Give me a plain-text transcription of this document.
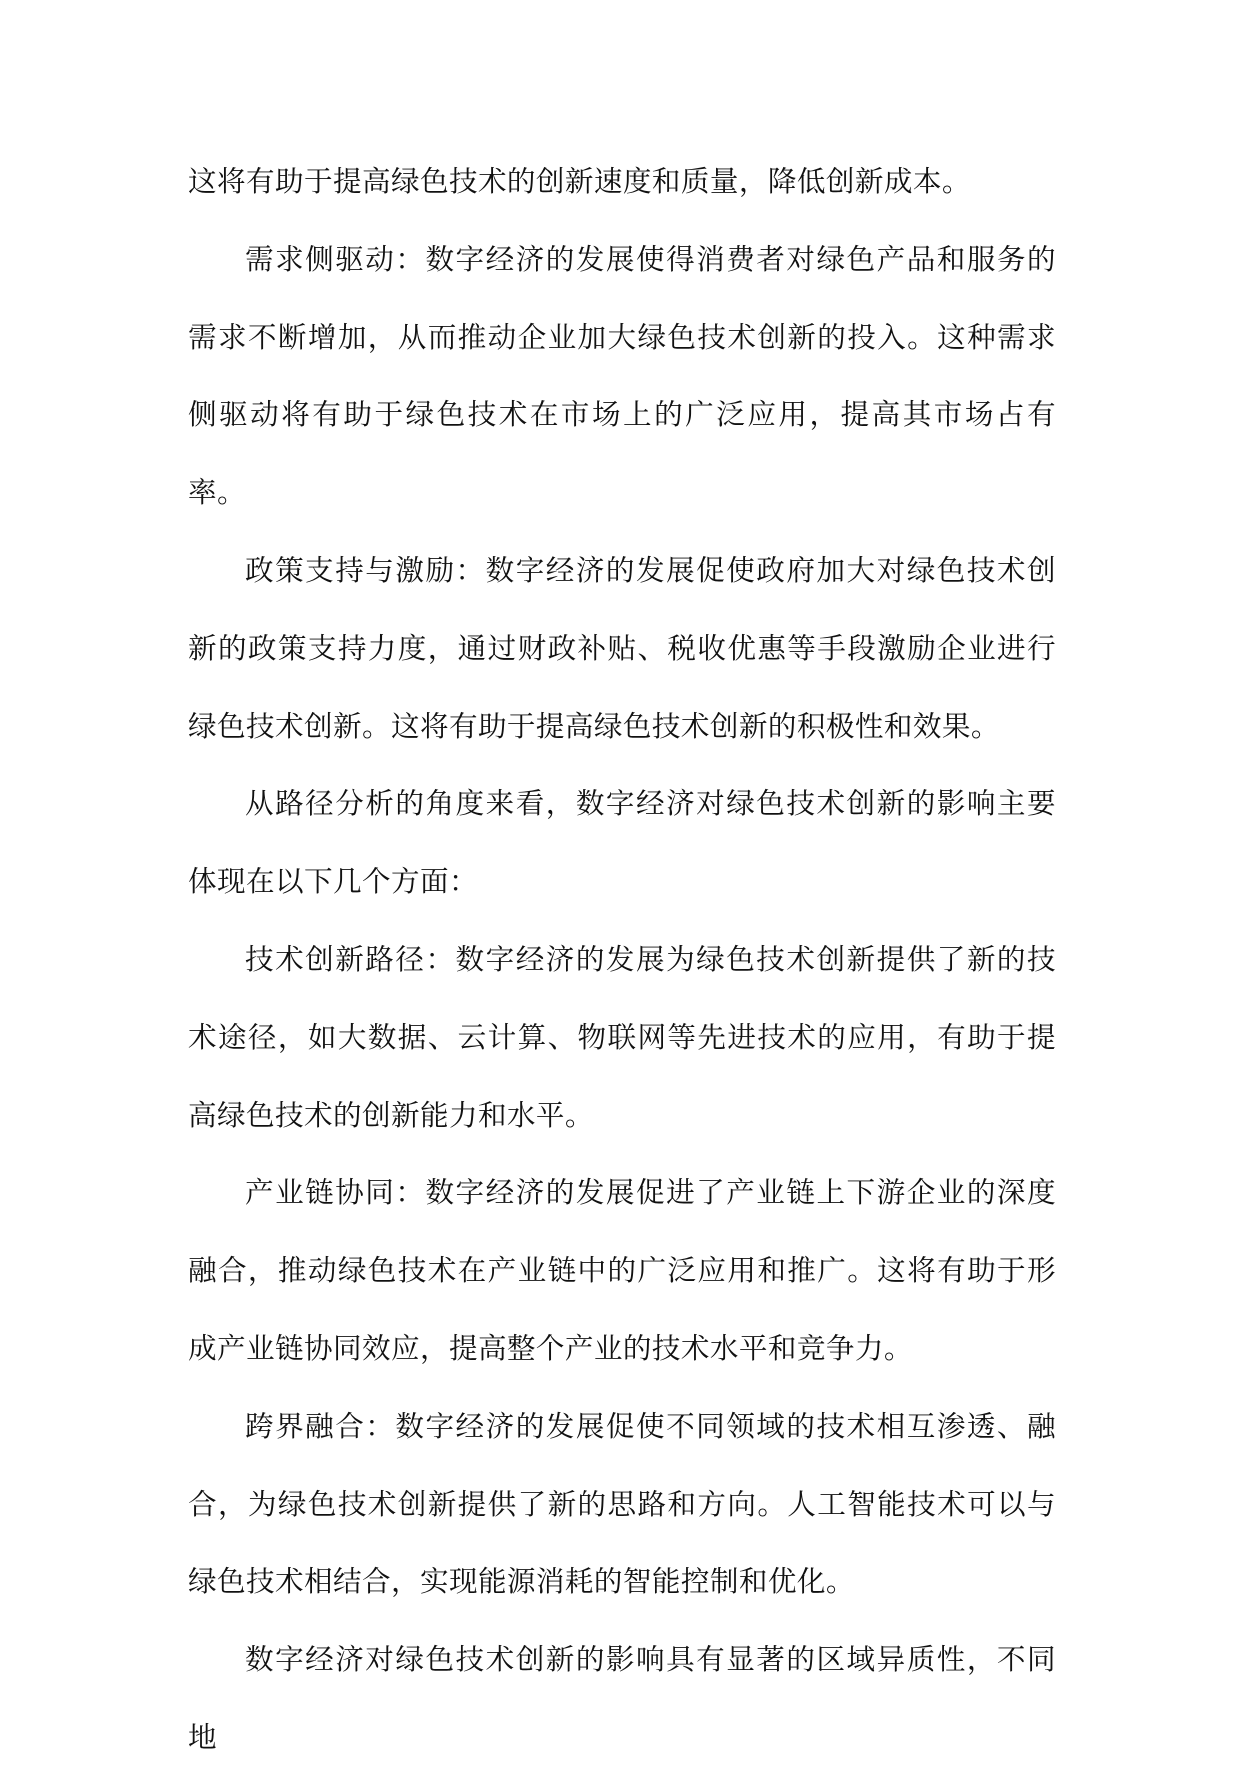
这将有助于提高绿色技术的创新速度和质量，降低创新成本。

需求侧驱动：数字经济的发展使得消费者对绿色产品和服务的需求不断增加，从而推动企业加大绿色技术创新的投入。这种需求侧驱动将有助于绿色技术在市场上的广泛应用，提高其市场占有率。

政策支持与激励：数字经济的发展促使政府加大对绿色技术创新的政策支持力度，通过财政补贴、税收优惠等手段激励企业进行绿色技术创新。这将有助于提高绿色技术创新的积极性和效果。

从路径分析的角度来看，数字经济对绿色技术创新的影响主要体现在以下几个方面：

技术创新路径：数字经济的发展为绿色技术创新提供了新的技术途径，如大数据、云计算、物联网等先进技术的应用，有助于提高绿色技术的创新能力和水平。

产业链协同：数字经济的发展促进了产业链上下游企业的深度融合，推动绿色技术在产业链中的广泛应用和推广。这将有助于形成产业链协同效应，提高整个产业的技术水平和竞争力。

跨界融合：数字经济的发展促使不同领域的技术相互渗透、融合，为绿色技术创新提供了新的思路和方向。人工智能技术可以与绿色技术相结合，实现能源消耗的智能控制和优化。

数字经济对绿色技术创新的影响具有显著的区域异质性，不同地
